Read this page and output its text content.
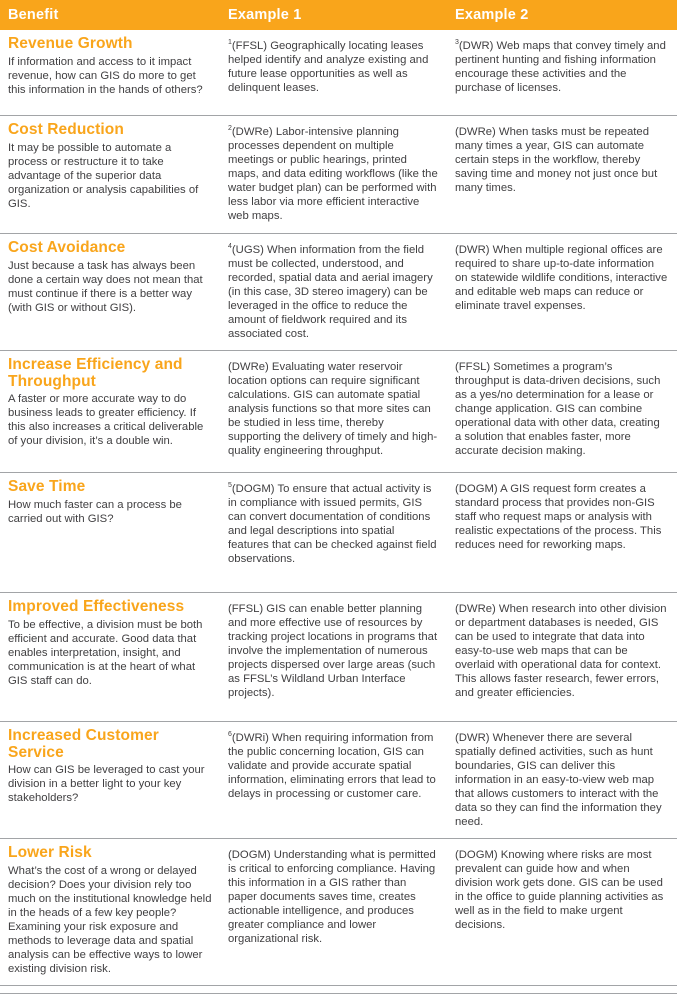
Benefit	Example 1	Example 2
Revenue Growth

If information and access to it impact revenue, how can GIS do more to get this information in the hands of others?

$^1$(FFSL) Geographically locating leases helped identify and analyze existing and future lease opportunities as well as delinquent leases.

$^3$(DWR) Web maps that convey timely and pertinent hunting and fishing information encourage these activities and the purchase of licenses.

Cost Reduction

It may be possible to automate a process or restructure it to take advantage of the superior data organization or analysis capabilities of GIS.

$^2$(DWRe) Labor-intensive planning processes dependent on multiple meetings or public hearings, printed maps, and data editing workflows (like the water budget plan) can be performed with less labor via more efficient interactive web maps.

(DWRe) When tasks must be repeated many times a year, GIS can automate certain steps in the workflow, thereby saving time and money not just once but many times.

Cost Avoidance

Just because a task has always been done a certain way does not mean that must continue if there is a better way (with GIS or without GIS).

$^4$(UGS) When information from the field must be collected, understood, and recorded, spatial data and aerial imagery (in this case, 3D stereo imagery) can be leveraged in the office to reduce the amount of fieldwork required and its associated cost.

(DWR) When multiple regional offices are required to share up-to-date information on statewide wildlife conditions, interactive and editable web maps can reduce or eliminate travel expenses.

Increase Efficiency and Throughput

A faster or more accurate way to do business leads to greater efficiency. If this also increases a critical deliverable of your division, it’s a double win.

(DWRe) Evaluating water reservoir location options can require significant calculations. GIS can automate spatial analysis functions so that more sites can be studied in less time, thereby supporting the delivery of timely and high-quality engineering throughput.

(FFSL) Sometimes a program’s throughput is data-driven decisions, such as a yes/no determination for a lease or change application. GIS can combine operational data with other data, creating a solution that enables faster, more accurate decision making.

Save Time

How much faster can a process be carried out with GIS?

$^5$(DOGM) To ensure that actual activity is in compliance with issued permits, GIS can convert documentation of conditions and legal descriptions into spatial features that can be checked against field observations.

(DOGM) A GIS request form creates a standard process that provides non-GIS staff who request maps or analysis with realistic expectations of the process. This reduces need for reworking maps.

Improved Effectiveness

To be effective, a division must be both efficient and accurate. Good data that enables interpretation, insight, and communication is at the heart of what GIS staff can do.

(FFSL) GIS can enable better planning and more effective use of resources by tracking project locations in programs that involve the implementation of numerous projects dispersed over large areas (such as FFSL’s Wildland Urban Interface projects).

(DWRe) When research into other division or department databases is needed, GIS can be used to integrate that data into easy-to-use web maps that can be overlaid with operational data for context. This allows faster research, fewer errors, and greater efficiencies.

Increased Customer Service

How can GIS be leveraged to cast your division in a better light to your key stakeholders?

$^6$(DWRi) When requiring information from the public concerning location, GIS can validate and provide accurate spatial information, eliminating errors that lead to delays in processing or customer care.

(DWR) Whenever there are several spatially defined activities, such as hunt boundaries, GIS can deliver this information in an easy-to-view web map that allows customers to interact with the data so they can find the information they need.

Lower Risk

What’s the cost of a wrong or delayed decision? Does your division rely too much on the institutional knowledge held in the heads of a few key people? Examining your risk exposure and methods to leverage data and spatial analysis can be effective ways to lower existing division risk.

(DOGM) Understanding what is permitted is critical to enforcing compliance. Having this information in a GIS rather than paper documents saves time, creates actionable intelligence, and produces greater compliance and lower organizational risk.

(DOGM) Knowing where risks are most prevalent can guide how and when division work gets done. GIS can be used in the office to guide planning activities as well as in the field to make urgent decisions.
